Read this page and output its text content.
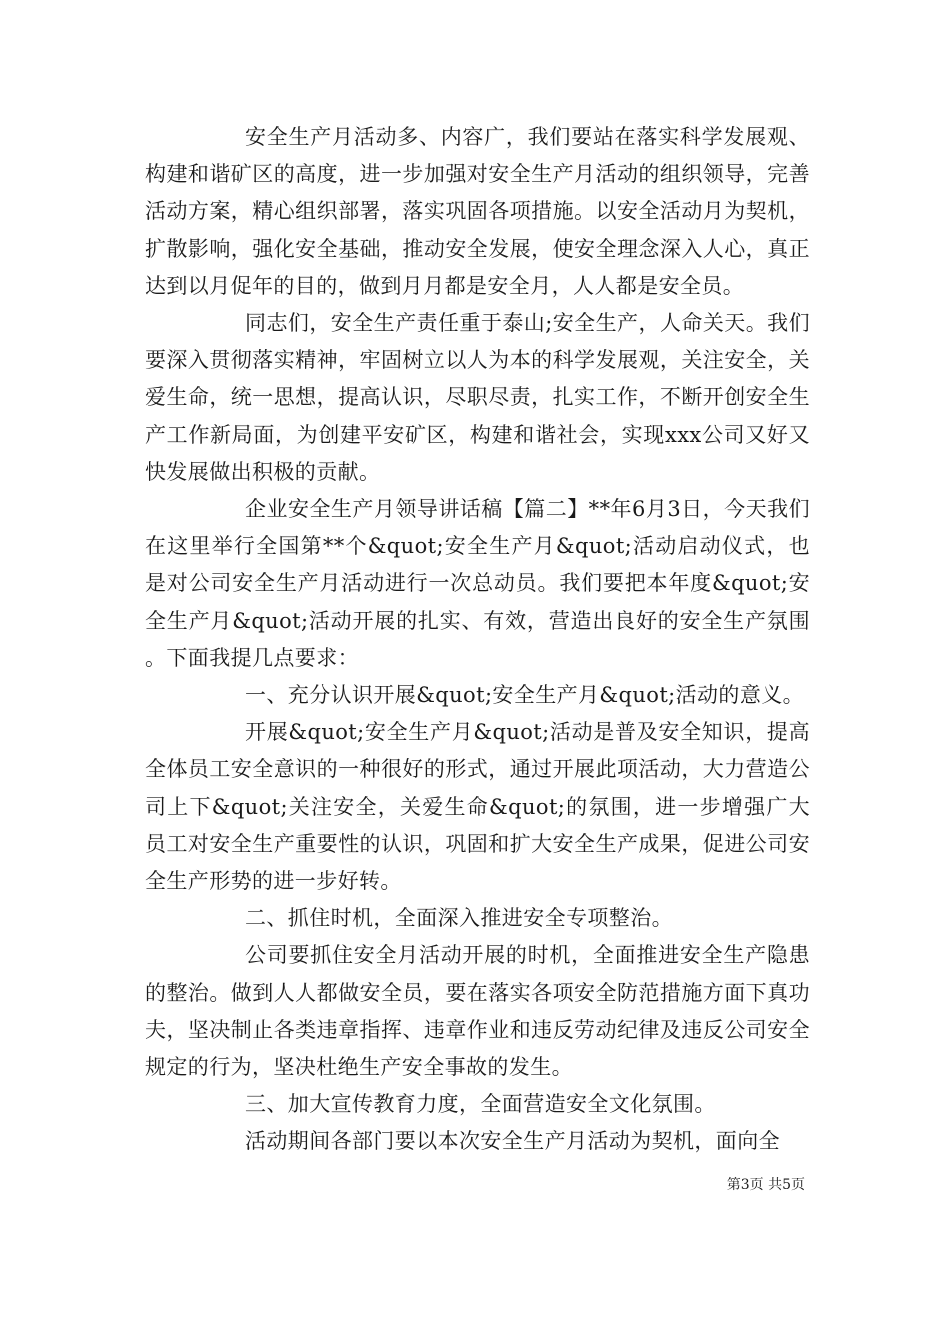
安全生产月活动多、内容广，我们要站在落实科学发展观、构建和谐矿区的高度，进一步加强对安全生产月活动的组织领导，完善活动方案，精心组织部署，落实巩固各项措施。以安全活动月为契机，扩散影响，强化安全基础，推动安全发展，使安全理念深入人心，真正达到以月促年的目的，做到月月都是安全月，人人都是安全员。

同志们，安全生产责任重于泰山;安全生产，人命关天。我们要深入贯彻落实精神，牢固树立以人为本的科学发展观，关注安全，关爱生命，统一思想，提高认识，尽职尽责，扎实工作，不断开创安全生产工作新局面，为创建平安矿区，构建和谐社会，实现xxx公司又好又快发展做出积极的贡献。

企业安全生产月领导讲话稿【篇二】**年6月3日，今天我们在这里举行全国第**个&quot;安全生产月&quot;活动启动仪式，也是对公司安全生产月活动进行一次总动员。我们要把本年度&quot;安全生产月&quot;活动开展的扎实、有效，营造出良好的安全生产氛围。下面我提几点要求：

一、充分认识开展&quot;安全生产月&quot;活动的意义。

开展&quot;安全生产月&quot;活动是普及安全知识，提高全体员工安全意识的一种很好的形式，通过开展此项活动，大力营造公司上下&quot;关注安全，关爱生命&quot;的氛围，进一步增强广大员工对安全生产重要性的认识，巩固和扩大安全生产成果，促进公司安全生产形势的进一步好转。

二、抓住时机，全面深入推进安全专项整治。

公司要抓住安全月活动开展的时机，全面推进安全生产隐患的整治。做到人人都做安全员，要在落实各项安全防范措施方面下真功夫，坚决制止各类违章指挥、违章作业和违反劳动纪律及违反公司安全规定的行为，坚决杜绝生产安全事故的发生。

三、加大宣传教育力度，全面营造安全文化氛围。

活动期间各部门要以本次安全生产月活动为契机，面向全

第3页 共5页
